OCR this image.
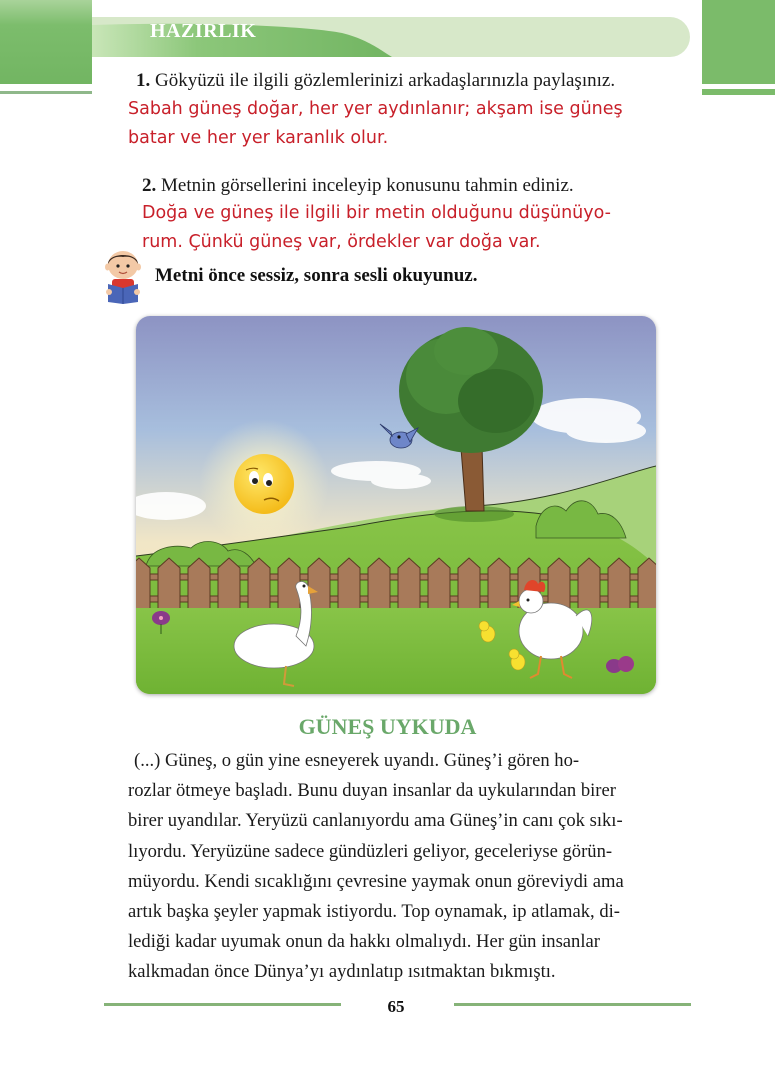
HAZIRLIK
1. Gökyüzü ile ilgili gözlemlerinizi arkadaşlarınızla paylaşınız.
Sabah güneş doğar, her yer aydınlanır; akşam ise güneş
batar ve her yer karanlık olur.
2. Metnin görsellerini inceleyip konusunu tahmin ediniz.
Doğa ve güneş ile ilgili bir metin olduğunu düşünüyo-
rum. Çünkü güneş var, ördekler var doğa var.
Metni önce sessiz, sonra sesli okuyunuz.
GÜNEŞ UYKUDA

(...) Güneş, o gün yine esneyerek uyandı. Güneş’i gören ho-

rozlar ötmeye başladı. Bunu duyan insanlar da uykularından birer

birer uyandılar. Yeryüzü canlanıyordu ama Güneş’in canı çok sıkı-

lıyordu. Yeryüzüne sadece gündüzleri geliyor, geceleriyse görün-

müyordu. Kendi sıcaklığını çevresine yaymak onun göreviydi ama

artık başka şeyler yapmak istiyordu. Top oynamak, ip atlamak, di-

lediği kadar uyumak onun da hakkı olmalıydı. Her gün insanlar

kalkmadan önce Dünya’yı aydınlatıp ısıtmaktan bıkmıştı.

65
